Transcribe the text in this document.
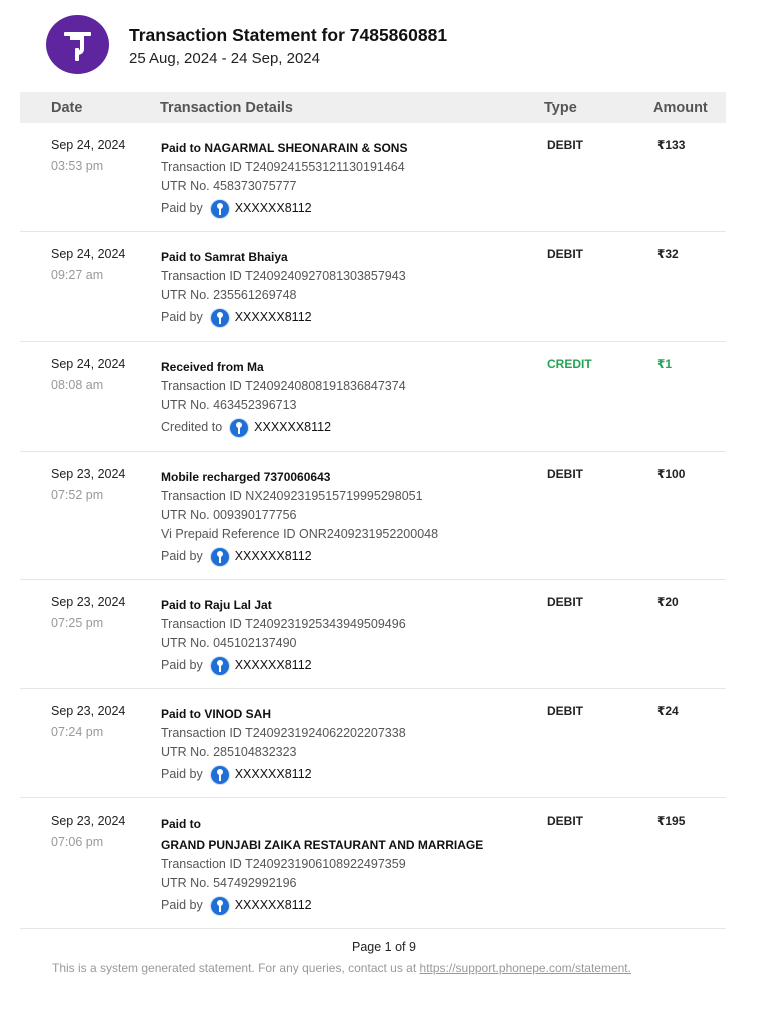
Transaction Statement for 7485860881
25 Aug, 2024 - 24 Sep, 2024
Date	Transaction Details	Type	Amount
Sep 24, 2024
03:53 pm
Paid to NAGARMAL SHEONARAIN & SONS
Transaction ID T2409241553121130191464
UTR No. 458373075777
Paid by	XXXXXX8112
DEBIT	₹133
Sep 24, 2024
09:27 am
Paid to Samrat Bhaiya
Transaction ID T2409240927081303857943
UTR No. 235561269748
Paid by	XXXXXX8112
DEBIT	₹32
Sep 24, 2024
08:08 am
Received from Ma
Transaction ID T2409240808191836847374
UTR No. 463452396713
Credited to	XXXXXX8112
CREDIT	₹1
Sep 23, 2024
07:52 pm
Mobile recharged 7370060643
Transaction ID NX24092319515719995298051
UTR No. 009390177756
Vi Prepaid Reference ID ONR2409231952200048
Paid by	XXXXXX8112
DEBIT	₹100
Sep 23, 2024
07:25 pm
Paid to Raju Lal Jat
Transaction ID T2409231925343949509496
UTR No. 045102137490
Paid by	XXXXXX8112
DEBIT	₹20
Sep 23, 2024
07:24 pm
Paid to VINOD SAH
Transaction ID T2409231924062202207338
UTR No. 285104832323
Paid by	XXXXXX8112
DEBIT	₹24
Sep 23, 2024
07:06 pm
Paid to
GRAND PUNJABI ZAIKA RESTAURANT AND MARRIAGE
Transaction ID T2409231906108922497359
UTR No. 547492992196
Paid by	XXXXXX8112
DEBIT	₹195
Page 1 of 9
This is a system generated statement. For any queries, contact us at https://support.phonepe.com/statement.
